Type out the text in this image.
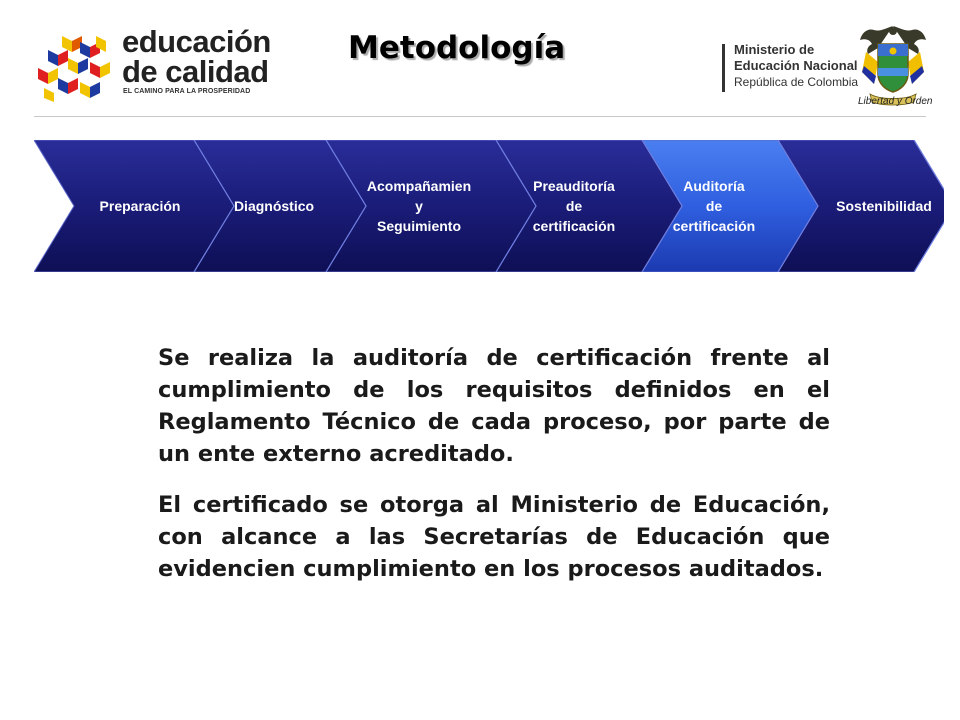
educación
de calidad
EL CAMINO PARA LA PROSPERIDAD
Metodología	Ministerio de
Educación Nacional
República de Colombia
Libertad y Orden
Preparación	Diagnóstico
Acompañamien
y
Seguimiento
Preauditoría
de
certificación
Auditoría
de
certificación
Sostenibilidad

Se realiza la auditoría de certificación frente al cumplimiento de los requisitos definidos en el Reglamento Técnico de cada proceso, por parte de un ente externo acreditado.

El certificado se otorga al Ministerio de Educación, con alcance a las Secretarías de Educación que evidencien cumplimiento en los procesos auditados.
